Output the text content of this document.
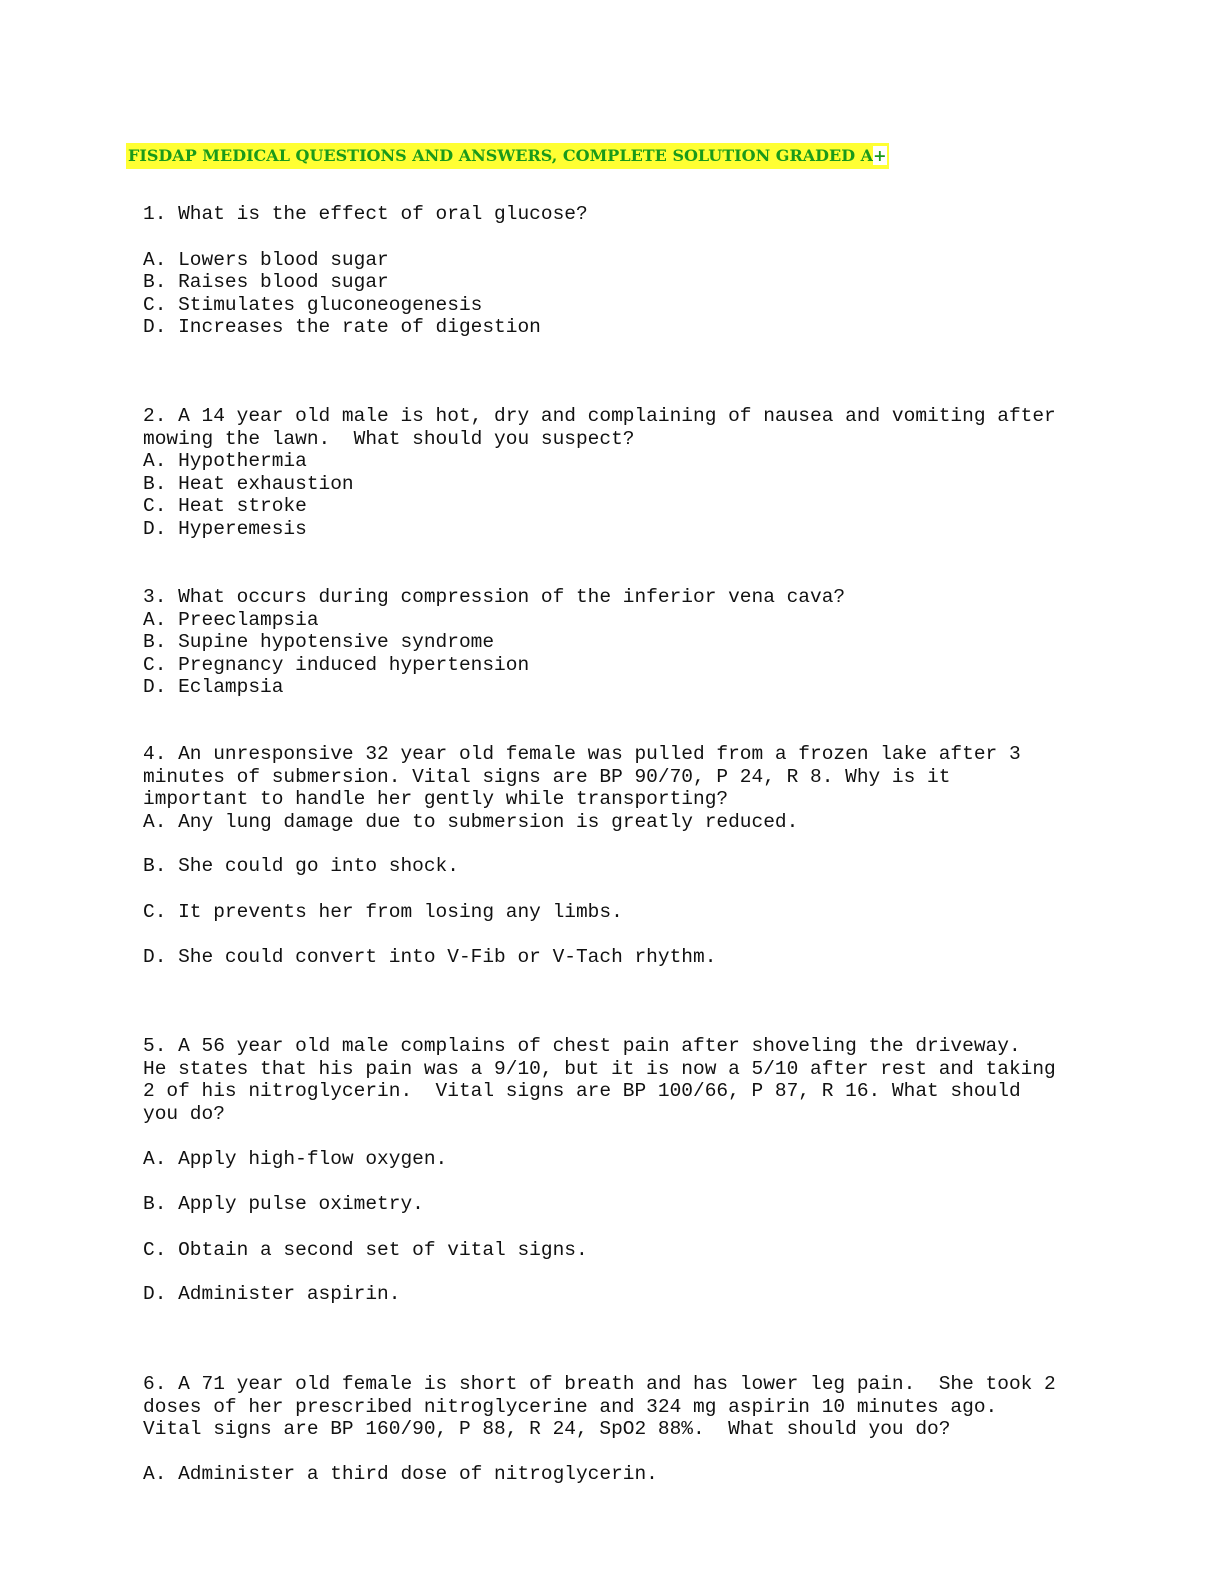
FISDAP MEDICAL QUESTIONS AND ANSWERS, COMPLETE SOLUTION GRADED A+
1. What is the effect of oral glucose?
A. Lowers blood sugar
B. Raises blood sugar
C. Stimulates gluconeogenesis
D. Increases the rate of digestion
2. A 14 year old male is hot, dry and complaining of nausea and vomiting after
mowing the lawn.  What should you suspect?
A. Hypothermia
B. Heat exhaustion
C. Heat stroke
D. Hyperemesis
3. What occurs during compression of the inferior vena cava?
A. Preeclampsia
B. Supine hypotensive syndrome
C. Pregnancy induced hypertension
D. Eclampsia
4. An unresponsive 32 year old female was pulled from a frozen lake after 3
minutes of submersion. Vital signs are BP 90/70, P 24, R 8. Why is it
important to handle her gently while transporting?
A. Any lung damage due to submersion is greatly reduced.
B. She could go into shock.
C. It prevents her from losing any limbs.
D. She could convert into V-Fib or V-Tach rhythm.
5. A 56 year old male complains of chest pain after shoveling the driveway.
He states that his pain was a 9/10, but it is now a 5/10 after rest and taking
2 of his nitroglycerin.  Vital signs are BP 100/66, P 87, R 16. What should
you do?
A. Apply high-flow oxygen.
B. Apply pulse oximetry.
C. Obtain a second set of vital signs.
D. Administer aspirin.
6. A 71 year old female is short of breath and has lower leg pain.  She took 2
doses of her prescribed nitroglycerine and 324 mg aspirin 10 minutes ago.
Vital signs are BP 160/90, P 88, R 24, SpO2 88%.  What should you do?
A. Administer a third dose of nitroglycerin.
